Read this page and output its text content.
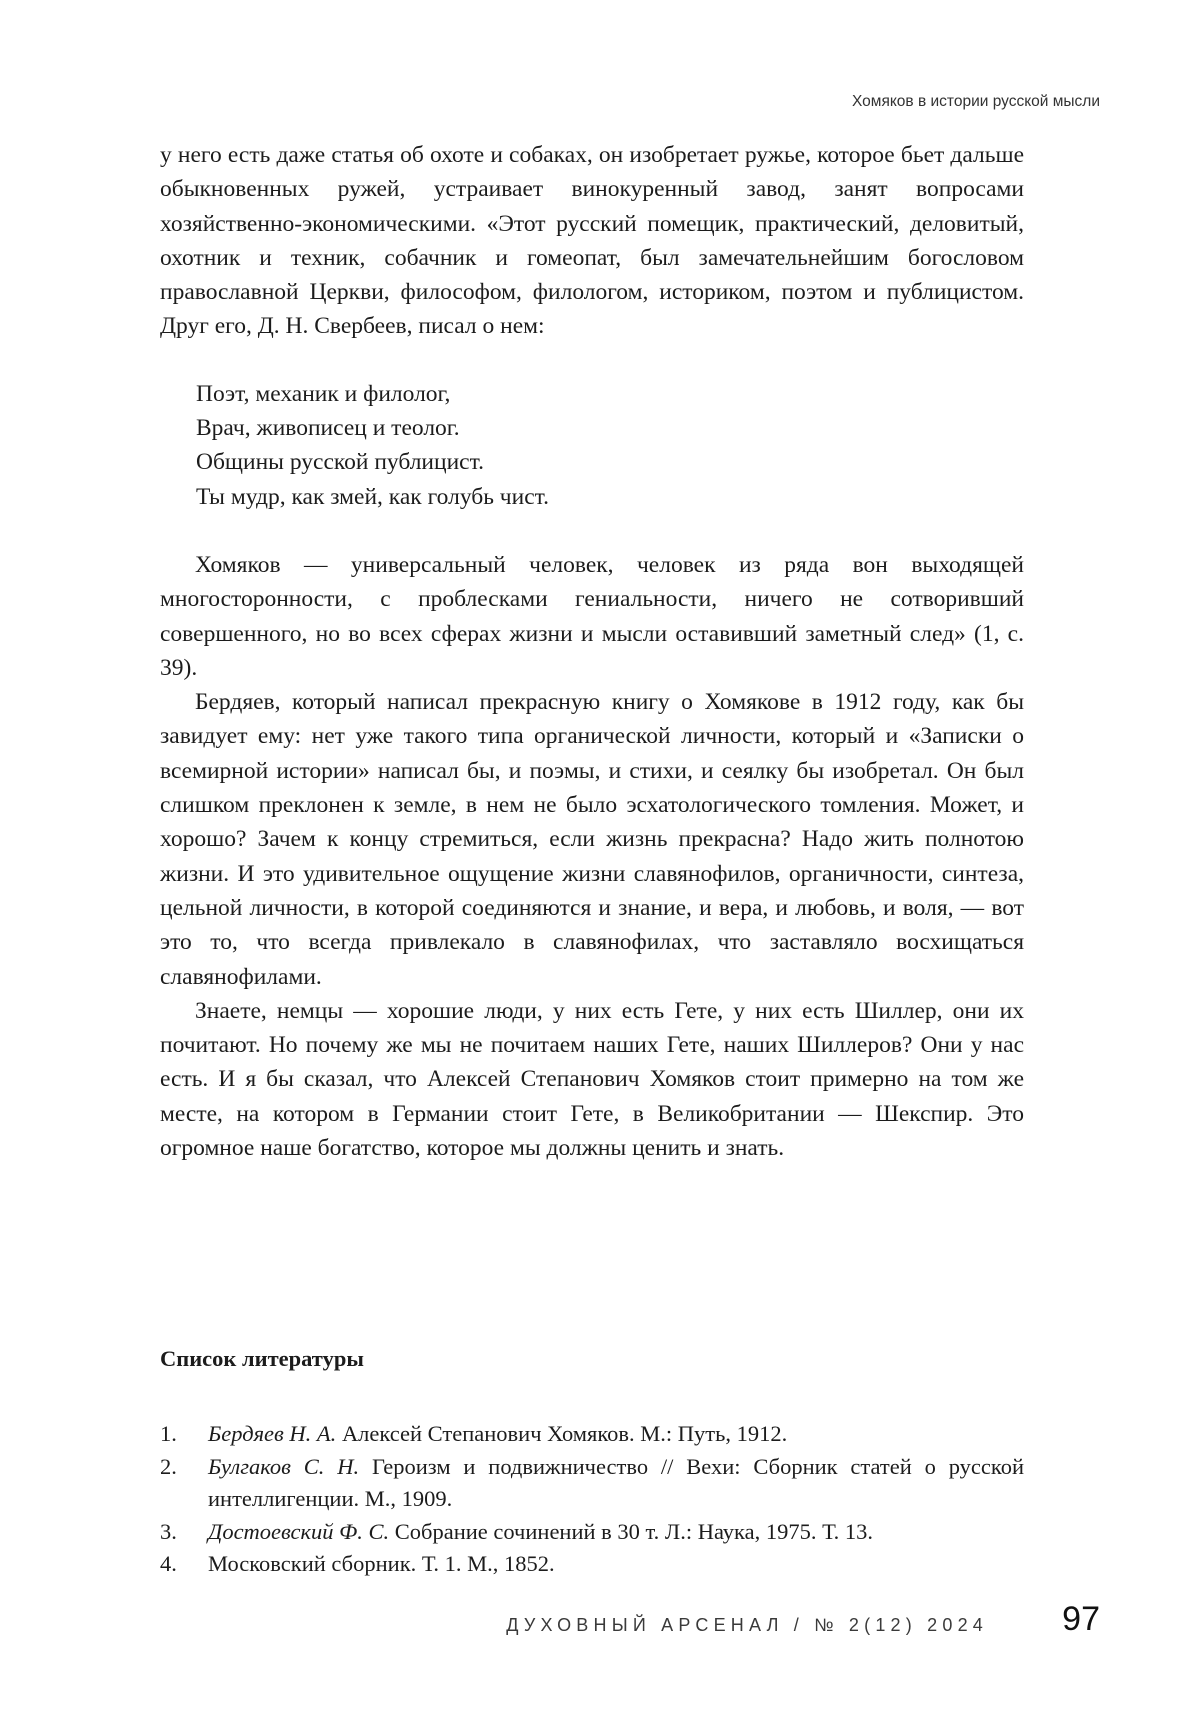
Хомяков в истории русской мысли

у него есть даже статья об охоте и собаках, он изобретает ружье, которое бьет дальше обыкновенных ружей, устраивает винокуренный завод, занят вопросами хозяйственно-экономическими. «Этот русский помещик, практический, деловитый, охотник и техник, собачник и гомеопат, был замечательнейшим богословом православной Церкви, философом, филологом, историком, поэтом и публицистом. Друг его, Д. Н. Свербеев, писал о нем:

Поэт, механик и филолог,
Врач, живописец и теолог.
Общины русской публицист.
Ты мудр, как змей, как голубь чист.

Хомяков — универсальный человек, человек из ряда вон выходящей многосторонности, с проблесками гениальности, ничего не сотворивший совершенного, но во всех сферах жизни и мысли оставивший заметный след» (1, с. 39).

Бердяев, который написал прекрасную книгу о Хомякове в 1912 году, как бы завидует ему: нет уже такого типа органической личности, который и «Записки о всемирной истории» написал бы, и поэмы, и стихи, и сеялку бы изобретал. Он был слишком преклонен к земле, в нем не было эсхатологического томления. Может, и хорошо? Зачем к концу стремиться, если жизнь прекрасна? Надо жить полнотою жизни. И это удивительное ощущение жизни славянофилов, органичности, синтеза, цельной личности, в которой соединяются и знание, и вера, и любовь, и воля, — вот это то, что всегда привлекало в славянофилах, что заставляло восхищаться славянофилами.

Знаете, немцы — хорошие люди, у них есть Гете, у них есть Шиллер, они их почитают. Но почему же мы не почитаем наших Гете, наших Шиллеров? Они у нас есть. И я бы сказал, что Алексей Степанович Хомяков стоит примерно на том же месте, на котором в Германии стоит Гете, в Великобритании — Шекспир. Это огромное наше богатство, которое мы должны ценить и знать.

Список литературы
1.	Бердяев Н. А. Алексей Степанович Хомяков. М.: Путь, 1912.
2.	Булгаков С. Н. Героизм и подвижничество // Вехи: Сборник статей о русской интеллигенции. М., 1909.
3.	Достоевский Ф. С. Собрание сочинений в 30 т. Л.: Наука, 1975. Т. 13.
4.	Московский сборник. Т. 1. М., 1852.
ДУХОВНЫЙ АРСЕНАЛ / № 2(12) 2024 97
